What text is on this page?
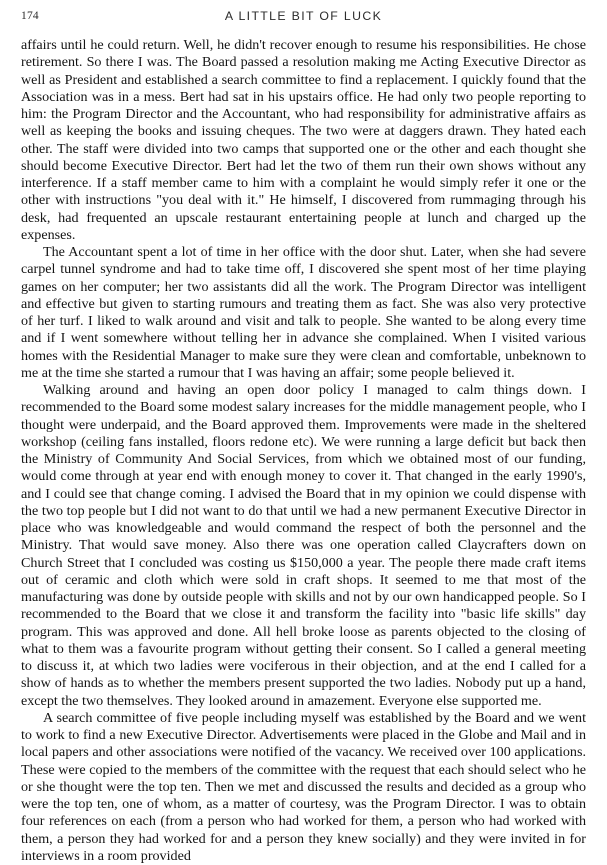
174	A LITTLE BIT OF LUCK

affairs until he could return. Well, he didn't recover enough to resume his responsibilities. He chose retirement. So there I was. The Board passed a resolution making me Acting Executive Director as well as President and established a search committee to find a replacement. I quickly found that the Association was in a mess. Bert had sat in his upstairs office. He had only two people reporting to him: the Program Director and the Accountant, who had responsibility for administrative affairs as well as keeping the books and issuing cheques. The two were at daggers drawn. They hated each other. The staff were divided into two camps that supported one or the other and each thought she should become Executive Director. Bert had let the two of them run their own shows without any interference. If a staff member came to him with a complaint he would simply refer it one or the other with instructions "you deal with it." He himself, I discovered from rummaging through his desk, had frequented an upscale restaurant entertaining people at lunch and charged up the expenses.

The Accountant spent a lot of time in her office with the door shut. Later, when she had severe carpel tunnel syndrome and had to take time off, I discovered she spent most of her time playing games on her computer; her two assistants did all the work. The Program Director was intelligent and effective but given to starting rumours and treating them as fact. She was also very protective of her turf. I liked to walk around and visit and talk to people. She wanted to be along every time and if I went somewhere without telling her in advance she complained. When I visited various homes with the Residential Manager to make sure they were clean and comfortable, unbeknown to me at the time she started a rumour that I was having an affair; some people believed it.

Walking around and having an open door policy I managed to calm things down. I recommended to the Board some modest salary increases for the middle management people, who I thought were underpaid, and the Board approved them. Improvements were made in the sheltered workshop (ceiling fans installed, floors redone etc). We were running a large deficit but back then the Ministry of Community And Social Services, from which we obtained most of our funding, would come through at year end with enough money to cover it. That changed in the early 1990's, and I could see that change coming. I advised the Board that in my opinion we could dispense with the two top people but I did not want to do that until we had a new permanent Executive Director in place who was knowledgeable and would command the respect of both the personnel and the Ministry. That would save money. Also there was one operation called Claycrafters down on Church Street that I concluded was costing us $150,000 a year. The people there made craft items out of ceramic and cloth which were sold in craft shops. It seemed to me that most of the manufacturing was done by outside people with skills and not by our own handicapped people. So I recommended to the Board that we close it and transform the facility into "basic life skills" day program. This was approved and done. All hell broke loose as parents objected to the closing of what to them was a favourite program without getting their consent. So I called a general meeting to discuss it, at which two ladies were vociferous in their objection, and at the end I called for a show of hands as to whether the members present supported the two ladies. Nobody put up a hand, except the two themselves. They looked around in amazement. Everyone else supported me.

A search committee of five people including myself was established by the Board and we went to work to find a new Executive Director. Advertisements were placed in the Globe and Mail and in local papers and other associations were notified of the vacancy. We received over 100 applications. These were copied to the members of the committee with the request that each should select who he or she thought were the top ten. Then we met and discussed the results and decided as a group who were the top ten, one of whom, as a matter of courtesy, was the Program Director. I was to obtain four references on each (from a person who had worked for them, a person who had worked with them, a person they had worked for and a person they knew socially) and they were invited in for interviews in a room provided
